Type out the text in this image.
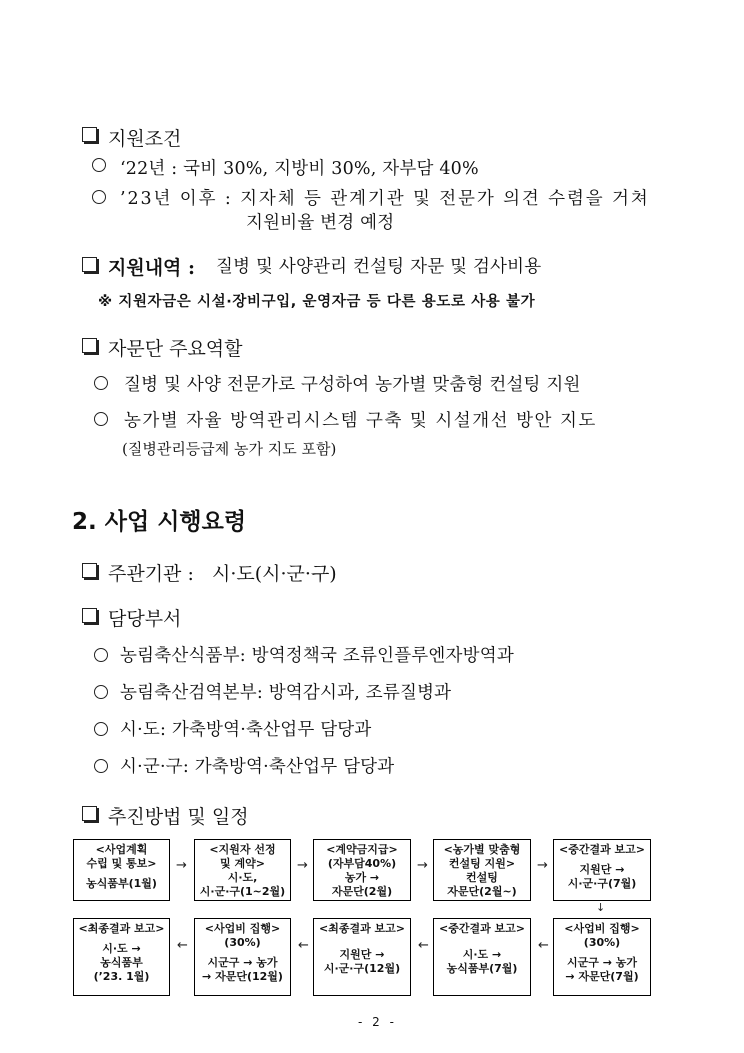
지원조건
‘22년 : 국비 30%, 지방비 30%, 자부담 40%
’23년 이후 : 지자체 등 관계기관 및 전문가 의견 수렴을 거쳐
지원비율 변경 예정
지원내역 : 질병 및 사양관리 컨설팅 자문 및 검사비용
※ 지원자금은 시설·장비구입, 운영자금 등 다른 용도로 사용 불가
자문단 주요역할
질병 및 사양 전문가로 구성하여 농가별 맞춤형 컨설팅 지원
농가별 자율 방역관리시스템 구축 및 시설개선 방안 지도
(질병관리등급제 농가 지도 포함)
2. 사업 시행요령
주관기관 : 시·도(시·군·구)
담당부서
농림축산식품부: 방역정책국 조류인플루엔자방역과
농림축산검역본부: 방역감시과, 조류질병과
시·도: 가축방역·축산업무 담당과
시·군·구: 가축방역·축산업무 담당과
추진방법 및 일정
<사업계획
수립 및 통보>
농식품부(1월)
→
<지원자 선정
및 계약>
시·도,
시·군·구(1~2월)
→
<계약금지급>
(자부담40%)
농가 →
자문단(2월)
→
<농가별 맞춤형
컨설팅 지원>
컨설팅
자문단(2월~)
→
<중간결과 보고>
지원단 →
시·군·구(7월)
↓
<최종결과 보고>
시·도 →
농식품부
(’23. 1월)
←
<사업비 집행>
(30%)
시군구 → 농가
→ 자문단(12월)
←
<최종결과 보고>
지원단 →
시·군·구(12월)
←
<중간결과 보고>
시·도 →
농식품부(7월)
←
<사업비 집행>
(30%)
시군구 → 농가
→ 자문단(7월)
- 2 -
